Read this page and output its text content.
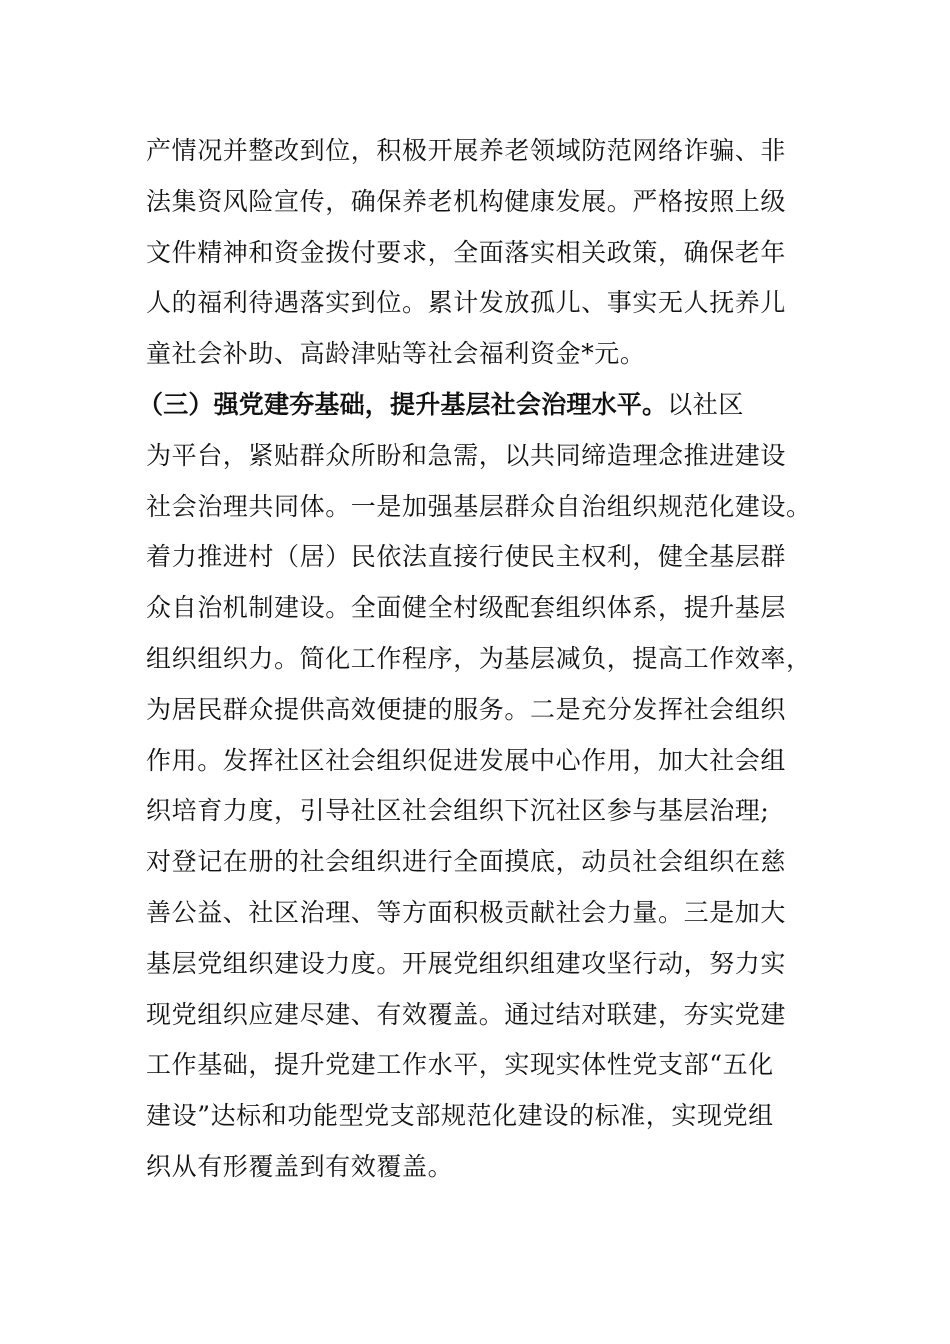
产情况并整改到位，积极开展养老领域防范网络诈骗、非
法集资风险宣传，确保养老机构健康发展。严格按照上级
文件精神和资金拨付要求，全面落实相关政策，确保老年
人的福利待遇落实到位。累计发放孤儿、事实无人抚养儿
童社会补助、高龄津贴等社会福利资金*元。
（三）强党建夯基础，提升基层社会治理水平。以社区
为平台，紧贴群众所盼和急需，以共同缔造理念推进建设
社会治理共同体。一是加强基层群众自治组织规范化建设。
着力推进村（居）民依法直接行使民主权利，健全基层群
众自治机制建设。全面健全村级配套组织体系，提升基层
组织组织力。简化工作程序，为基层减负，提高工作效率，
为居民群众提供高效便捷的服务。二是充分发挥社会组织
作用。发挥社区社会组织促进发展中心作用，加大社会组
织培育力度，引导社区社会组织下沉社区参与基层治理;
对登记在册的社会组织进行全面摸底，动员社会组织在慈
善公益、社区治理、等方面积极贡献社会力量。三是加大
基层党组织建设力度。开展党组织组建攻坚行动，努力实
现党组织应建尽建、有效覆盖。通过结对联建，夯实党建
工作基础，提升党建工作水平，实现实体性党支部“五化
建设”达标和功能型党支部规范化建设的标准，实现党组
织从有形覆盖到有效覆盖。
